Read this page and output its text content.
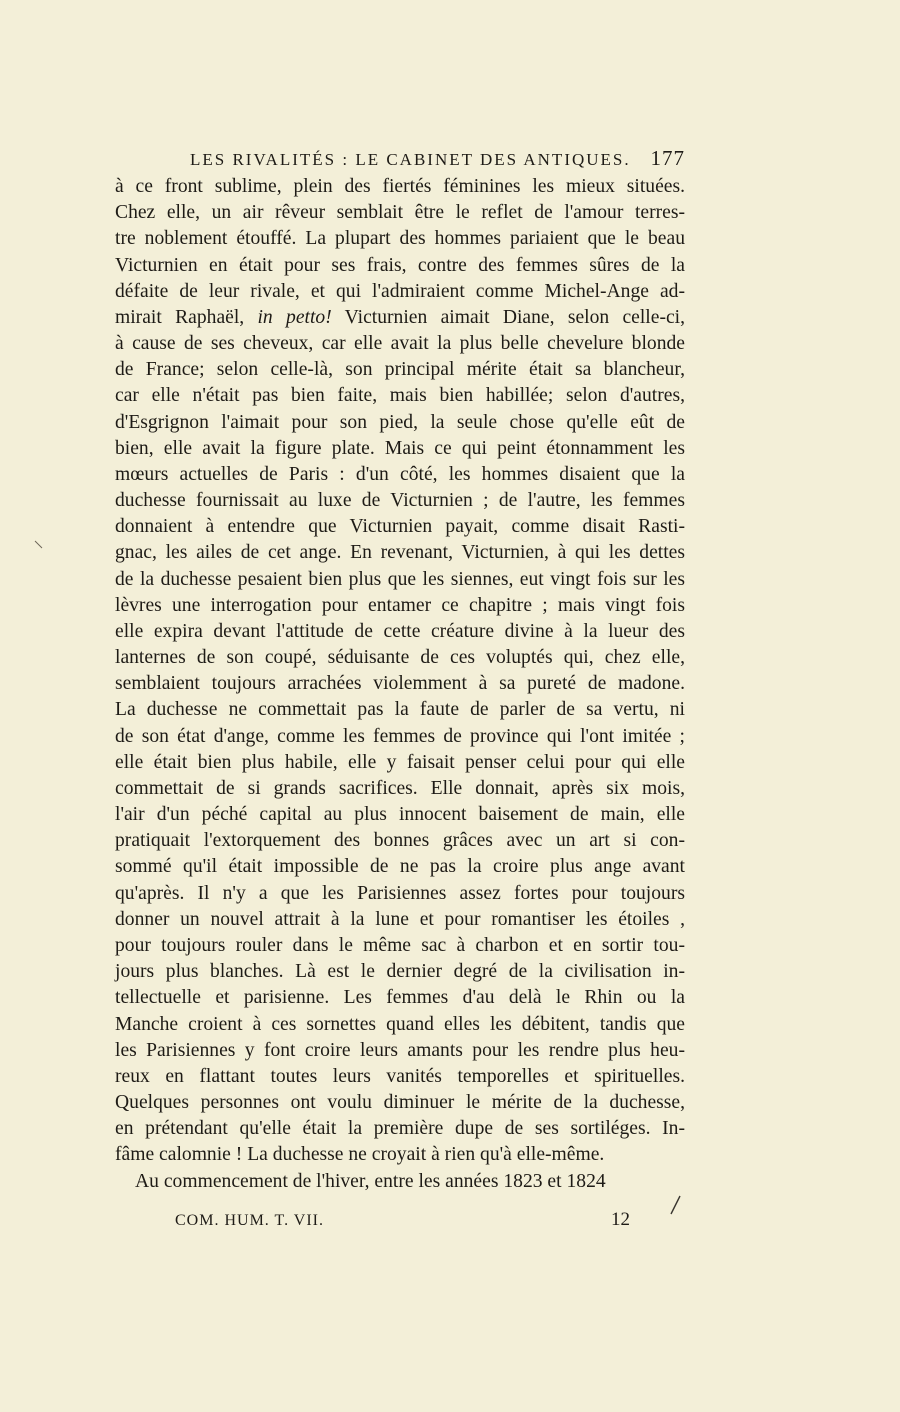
LES RIVALITÉS : LE CABINET DES ANTIQUES. 177
à ce front sublime, plein des fiertés féminines les mieux situées.
Chez elle, un air rêveur semblait être le reflet de l'amour terres-
tre noblement étouffé. La plupart des hommes pariaient que le beau
Victurnien en était pour ses frais, contre des femmes sûres de la
défaite de leur rivale, et qui l'admiraient comme Michel-Ange ad-
mirait Raphaël, in petto! Victurnien aimait Diane, selon celle-ci,
à cause de ses cheveux, car elle avait la plus belle chevelure blonde
de France; selon celle-là, son principal mérite était sa blancheur,
car elle n'était pas bien faite, mais bien habillée; selon d'autres,
d'Esgrignon l'aimait pour son pied, la seule chose qu'elle eût de
bien, elle avait la figure plate. Mais ce qui peint étonnamment les
mœurs actuelles de Paris : d'un côté, les hommes disaient que la
duchesse fournissait au luxe de Victurnien ; de l'autre, les femmes
donnaient à entendre que Victurnien payait, comme disait Rasti-
gnac, les ailes de cet ange. En revenant, Victurnien, à qui les dettes
de la duchesse pesaient bien plus que les siennes, eut vingt fois sur les
lèvres une interrogation pour entamer ce chapitre ; mais vingt fois
elle expira devant l'attitude de cette créature divine à la lueur des
lanternes de son coupé, séduisante de ces voluptés qui, chez elle,
semblaient toujours arrachées violemment à sa pureté de madone.
La duchesse ne commettait pas la faute de parler de sa vertu, ni
de son état d'ange, comme les femmes de province qui l'ont imitée ;
elle était bien plus habile, elle y faisait penser celui pour qui elle
commettait de si grands sacrifices. Elle donnait, après six mois,
l'air d'un péché capital au plus innocent baisement de main, elle
pratiquait l'extorquement des bonnes grâces avec un art si con-
sommé qu'il était impossible de ne pas la croire plus ange avant
qu'après. Il n'y a que les Parisiennes assez fortes pour toujours
donner un nouvel attrait à la lune et pour romantiser les étoiles ,
pour toujours rouler dans le même sac à charbon et en sortir tou-
jours plus blanches. Là est le dernier degré de la civilisation in-
tellectuelle et parisienne. Les femmes d'au delà le Rhin ou la
Manche croient à ces sornettes quand elles les débitent, tandis que
les Parisiennes y font croire leurs amants pour les rendre plus heu-
reux en flattant toutes leurs vanités temporelles et spirituelles.
Quelques personnes ont voulu diminuer le mérite de la duchesse,
en prétendant qu'elle était la première dupe de ses sortiléges. In-
fâme calomnie ! La duchesse ne croyait à rien qu'à elle-même.
Au commencement de l'hiver, entre les années 1823 et 1824
COM. HUM. T. VII.	12
